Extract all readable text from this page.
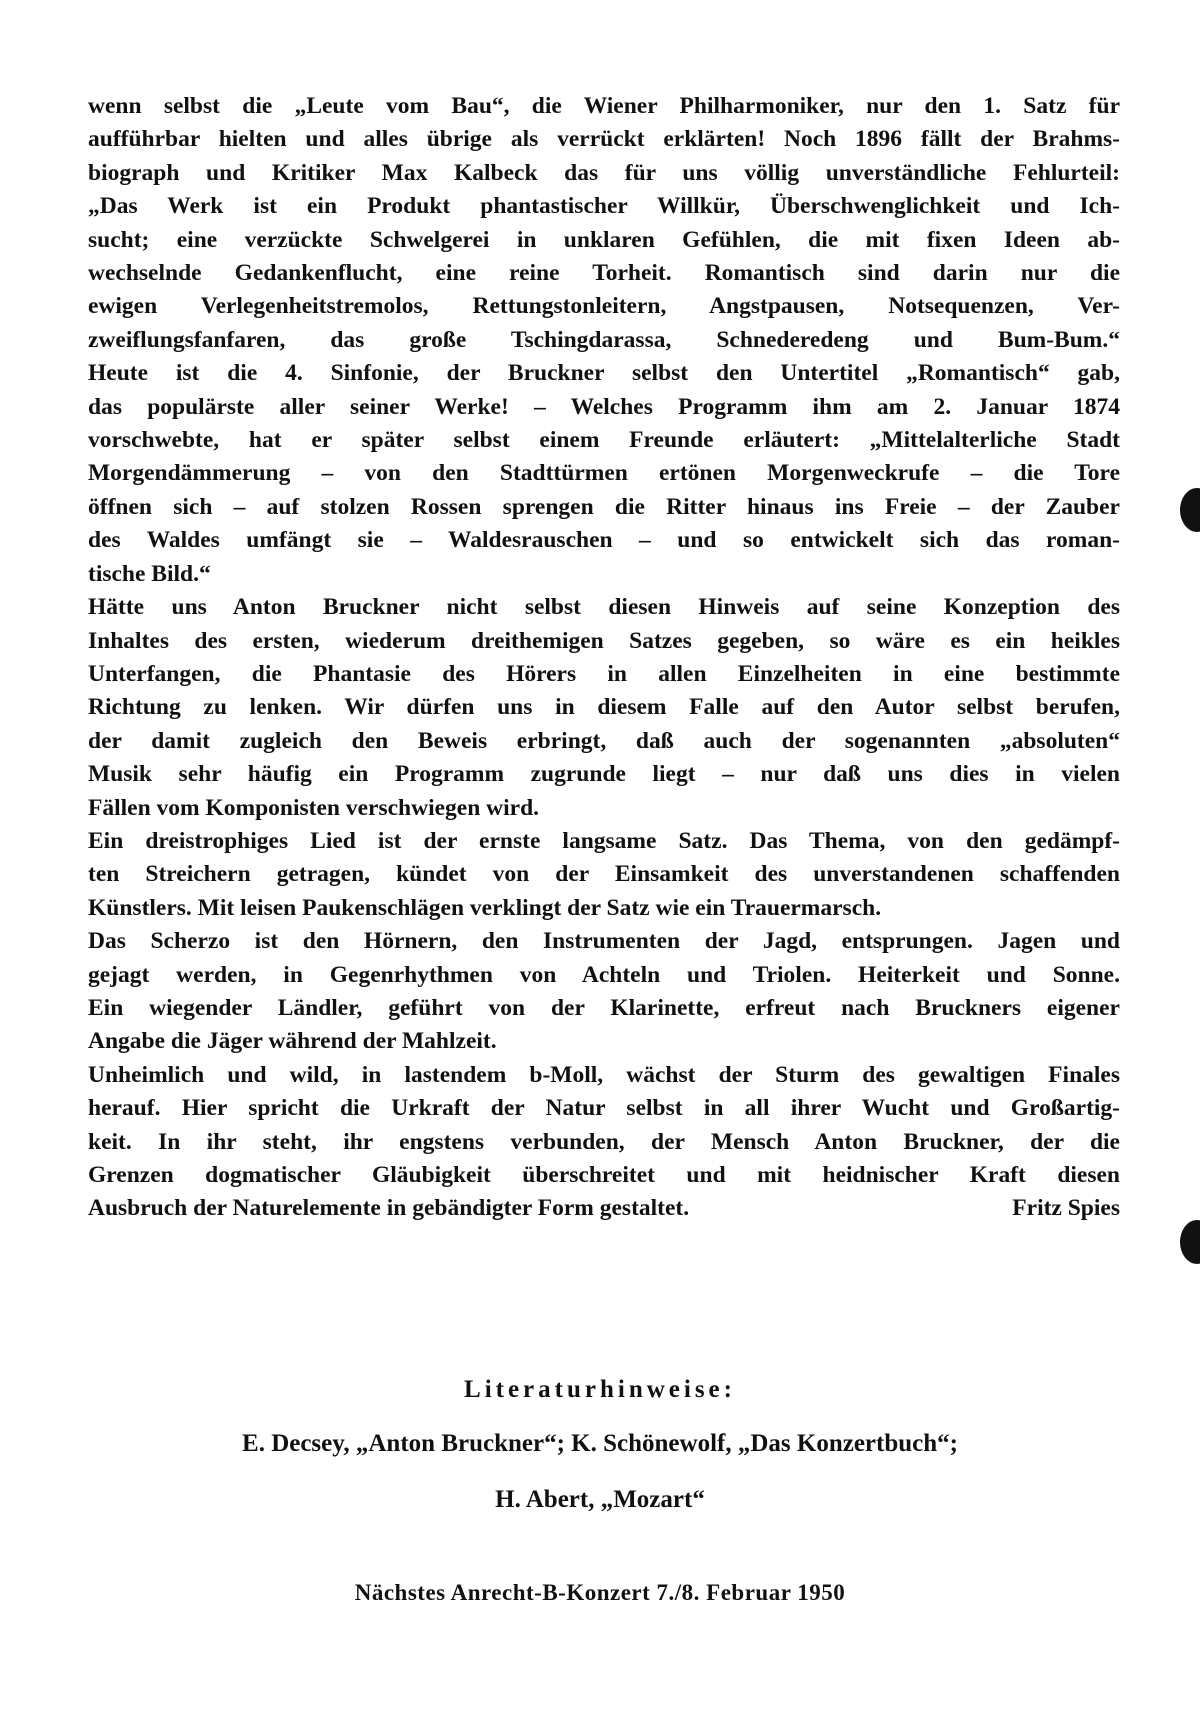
wenn selbst die „Leute vom Bau“, die Wiener Philharmoniker, nur den 1. Satz für
aufführbar hielten und alles übrige als verrückt erklärten! Noch 1896 fällt der Brahms-
biograph und Kritiker Max Kalbeck das für uns völlig unverständliche Fehlurteil:
„Das Werk ist ein Produkt phantastischer Willkür, Überschwenglichkeit und Ich-
sucht; eine verzückte Schwelgerei in unklaren Gefühlen, die mit fixen Ideen ab-
wechselnde Gedankenflucht, eine reine Torheit. Romantisch sind darin nur die
ewigen Verlegenheitstremolos, Rettungstonleitern, Angstpausen, Notsequenzen, Ver-
zweiflungsfanfaren, das große Tschingdarassa, Schnederedeng und Bum-Bum.“
Heute ist die 4. Sinfonie, der Bruckner selbst den Untertitel „Romantisch“ gab,
das populärste aller seiner Werke! – Welches Programm ihm am 2. Januar 1874
vorschwebte, hat er später selbst einem Freunde erläutert: „Mittelalterliche Stadt
Morgendämmerung – von den Stadttürmen ertönen Morgenweckrufe – die Tore
öffnen sich – auf stolzen Rossen sprengen die Ritter hinaus ins Freie – der Zauber
des Waldes umfängt sie – Waldesrauschen – und so entwickelt sich das roman-
tische Bild.“
Hätte uns Anton Bruckner nicht selbst diesen Hinweis auf seine Konzeption des
Inhaltes des ersten, wiederum dreithemigen Satzes gegeben, so wäre es ein heikles
Unterfangen, die Phantasie des Hörers in allen Einzelheiten in eine bestimmte
Richtung zu lenken. Wir dürfen uns in diesem Falle auf den Autor selbst berufen,
der damit zugleich den Beweis erbringt, daß auch der sogenannten „absoluten“
Musik sehr häufig ein Programm zugrunde liegt – nur daß uns dies in vielen
Fällen vom Komponisten verschwiegen wird.
Ein dreistrophiges Lied ist der ernste langsame Satz. Das Thema, von den gedämpf-
ten Streichern getragen, kündet von der Einsamkeit des unverstandenen schaffenden
Künstlers. Mit leisen Paukenschlägen verklingt der Satz wie ein Trauermarsch.
Das Scherzo ist den Hörnern, den Instrumenten der Jagd, entsprungen. Jagen und
gejagt werden, in Gegenrhythmen von Achteln und Triolen. Heiterkeit und Sonne.
Ein wiegender Ländler, geführt von der Klarinette, erfreut nach Bruckners eigener
Angabe die Jäger während der Mahlzeit.
Unheimlich und wild, in lastendem b-Moll, wächst der Sturm des gewaltigen Finales
herauf. Hier spricht die Urkraft der Natur selbst in all ihrer Wucht und Großartig-
keit. In ihr steht, ihr engstens verbunden, der Mensch Anton Bruckner, der die
Grenzen dogmatischer Gläubigkeit überschreitet und mit heidnischer Kraft diesen
Ausbruch der Naturelemente in gebändigter Form gestaltet.	Fritz Spies
Literaturhinweise:
E. Decsey, „Anton Bruckner“; K. Schönewolf, „Das Konzertbuch“;
H. Abert, „Mozart“
Nächstes Anrecht-B-Konzert 7./8. Februar 1950
